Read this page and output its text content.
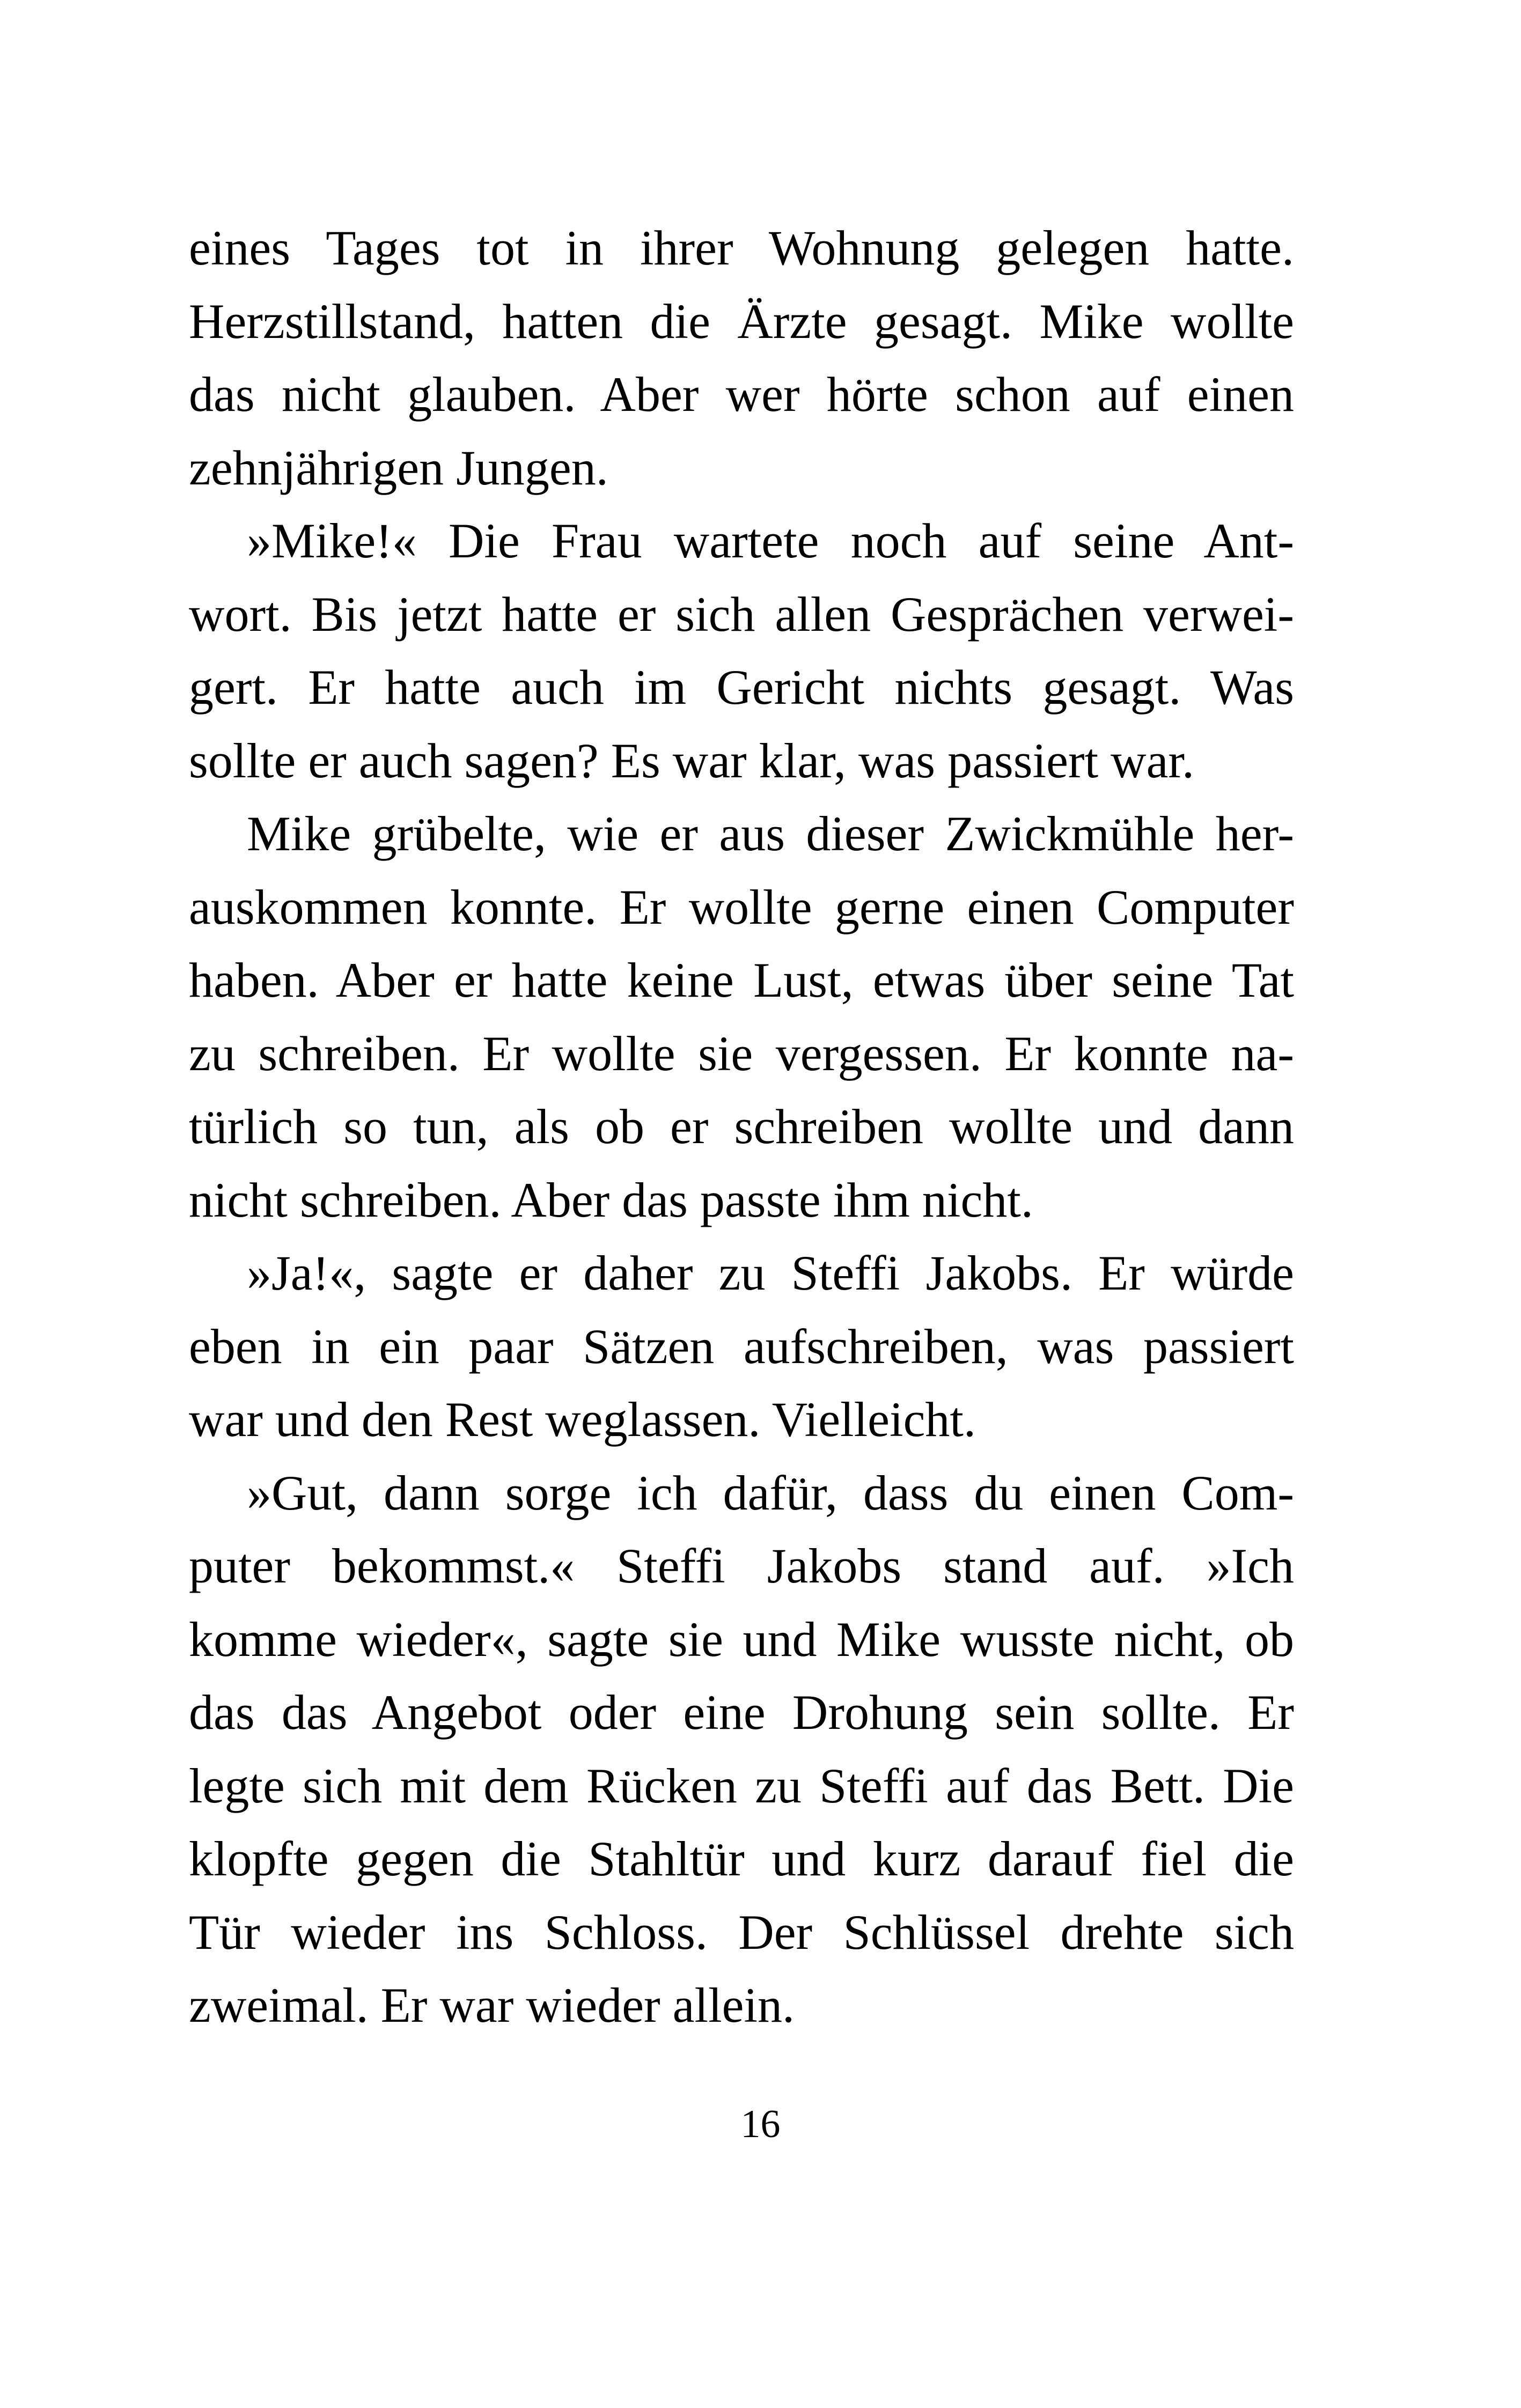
eines Tages tot in ihrer Wohnung gelegen hatte.
Herzstillstand, hatten die Ärzte gesagt. Mike wollte
das nicht glauben. Aber wer hörte schon auf einen
zehnjährigen Jungen.
»Mike!« Die Frau wartete noch auf seine Ant-
wort. Bis jetzt hatte er sich allen Gesprächen verwei-
gert. Er hatte auch im Gericht nichts gesagt. Was
sollte er auch sagen? Es war klar, was passiert war.
Mike grübelte, wie er aus dieser Zwickmühle her-
auskommen konnte. Er wollte gerne einen Computer
haben. Aber er hatte keine Lust, etwas über seine Tat
zu schreiben. Er wollte sie vergessen. Er konnte na-
türlich so tun, als ob er schreiben wollte und dann
nicht schreiben. Aber das passte ihm nicht.
»Ja!«, sagte er daher zu Steffi Jakobs. Er würde
eben in ein paar Sätzen aufschreiben, was passiert
war und den Rest weglassen. Vielleicht.
»Gut, dann sorge ich dafür, dass du einen Com-
puter bekommst.« Steffi Jakobs stand auf. »Ich
komme wieder«, sagte sie und Mike wusste nicht, ob
das das Angebot oder eine Drohung sein sollte. Er
legte sich mit dem Rücken zu Steffi auf das Bett. Die
klopfte gegen die Stahltür und kurz darauf fiel die
Tür wieder ins Schloss. Der Schlüssel drehte sich
zweimal. Er war wieder allein.
16
